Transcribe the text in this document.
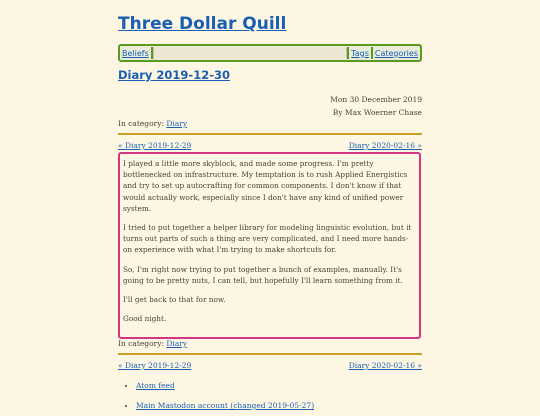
Three Dollar Quill
Beliefs	Tags Categories
Diary 2019-12-30
Mon 30 December 2019
By Max Woerner Chase
In category: Diary
« Diary 2019-12-29	Diary 2020-02-16 »

I played a little more skyblock, and made some progress. I'm pretty bottlenecked on infrastructure. My temptation is to rush Applied Energistics and try to set up autocrafting for common components. I don't know if that would actually work, especially since I don't have any kind of unified power system.

I tried to put together a helper library for modeling linguistic evolution, but it turns out parts of such a thing are very complicated, and I need more hands-on experience with what I'm trying to make shortcuts for.

So, I'm right now trying to put together a bunch of examples, manually. It's going to be pretty nuts, I can tell, but hopefully I'll learn something from it.

I'll get back to that for now.

Good night.

In category: Diary
« Diary 2019-12-29	Diary 2020-02-16 »
• Atom feed
• Main Mastodon account (changed 2019-05-27)
